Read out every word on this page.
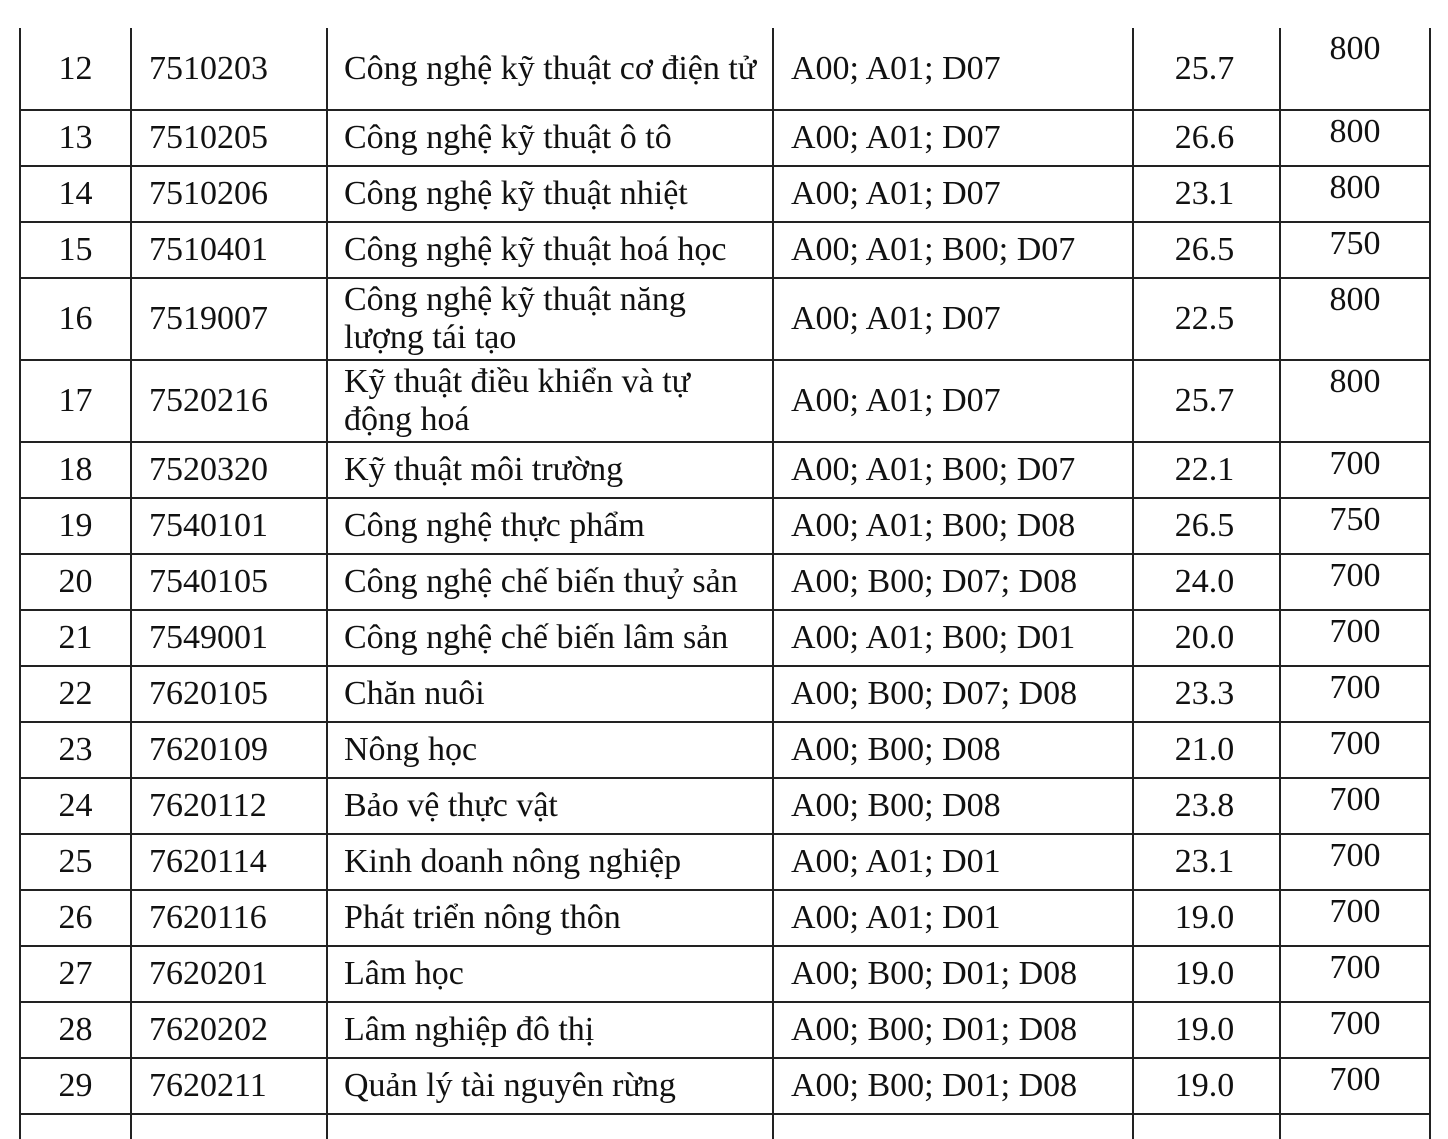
12	7510203	Công nghệ kỹ thuật cơ điện tử	A00; A01; D07	25.7	800
13	7510205	Công nghệ kỹ thuật ô tô	A00; A01; D07	26.6	800
14	7510206	Công nghệ kỹ thuật nhiệt	A00; A01; D07	23.1	800
15	7510401	Công nghệ kỹ thuật hoá học	A00; A01; B00; D07	26.5	750
16	7519007	Công nghệ kỹ thuật năng lượng tái tạo	A00; A01; D07	22.5	800
17	7520216	Kỹ thuật điều khiển và tự động hoá	A00; A01; D07	25.7	800
18	7520320	Kỹ thuật môi trường	A00; A01; B00; D07	22.1	700
19	7540101	Công nghệ thực phẩm	A00; A01; B00; D08	26.5	750
20	7540105	Công nghệ chế biến thuỷ sản	A00; B00; D07; D08	24.0	700
21	7549001	Công nghệ chế biến lâm sản	A00; A01; B00; D01	20.0	700
22	7620105	Chăn nuôi	A00; B00; D07; D08	23.3	700
23	7620109	Nông học	A00; B00; D08	21.0	700
24	7620112	Bảo vệ thực vật	A00; B00; D08	23.8	700
25	7620114	Kinh doanh nông nghiệp	A00; A01; D01	23.1	700
26	7620116	Phát triển nông thôn	A00; A01; D01	19.0	700
27	7620201	Lâm học	A00; B00; D01; D08	19.0	700
28	7620202	Lâm nghiệp đô thị	A00; B00; D01; D08	19.0	700
29	7620211	Quản lý tài nguyên rừng	A00; B00; D01; D08	19.0	700
